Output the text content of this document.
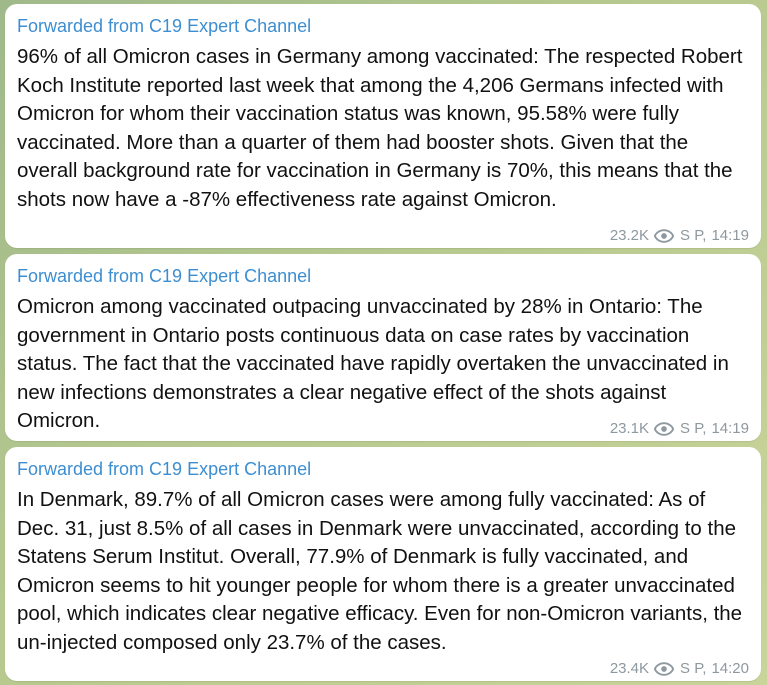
Forwarded from C19 Expert Channel

96% of all Omicron cases in Germany among vaccinated: The respected Robert Koch Institute reported last week that among the 4,206 Germans infected with Omicron for whom their vaccination status was known, 95.58% were fully vaccinated. More than a quarter of them had booster shots. Given that the overall background rate for vaccination in Germany is 70%, this means that the shots now have a -87% effectiveness rate against Omicron.

23.2K S P, 14:19
Forwarded from C19 Expert Channel

Omicron among vaccinated outpacing unvaccinated by 28% in Ontario: The government in Ontario posts continuous data on case rates by vaccination status. The fact that the vaccinated have rapidly overtaken the unvaccinated in new infections demonstrates a clear negative effect of the shots against Omicron.	23.1K S P, 14:19
Forwarded from C19 Expert Channel

In Denmark, 89.7% of all Omicron cases were among fully vaccinated: As of Dec. 31, just 8.5% of all cases in Denmark were unvaccinated, according to the Statens Serum Institut. Overall, 77.9% of Denmark is fully vaccinated, and Omicron seems to hit younger people for whom there is a greater unvaccinated pool, which indicates clear negative efficacy. Even for non-Omicron variants, the un-injected composed only 23.7% of the cases.

23.4K S P, 14:20
